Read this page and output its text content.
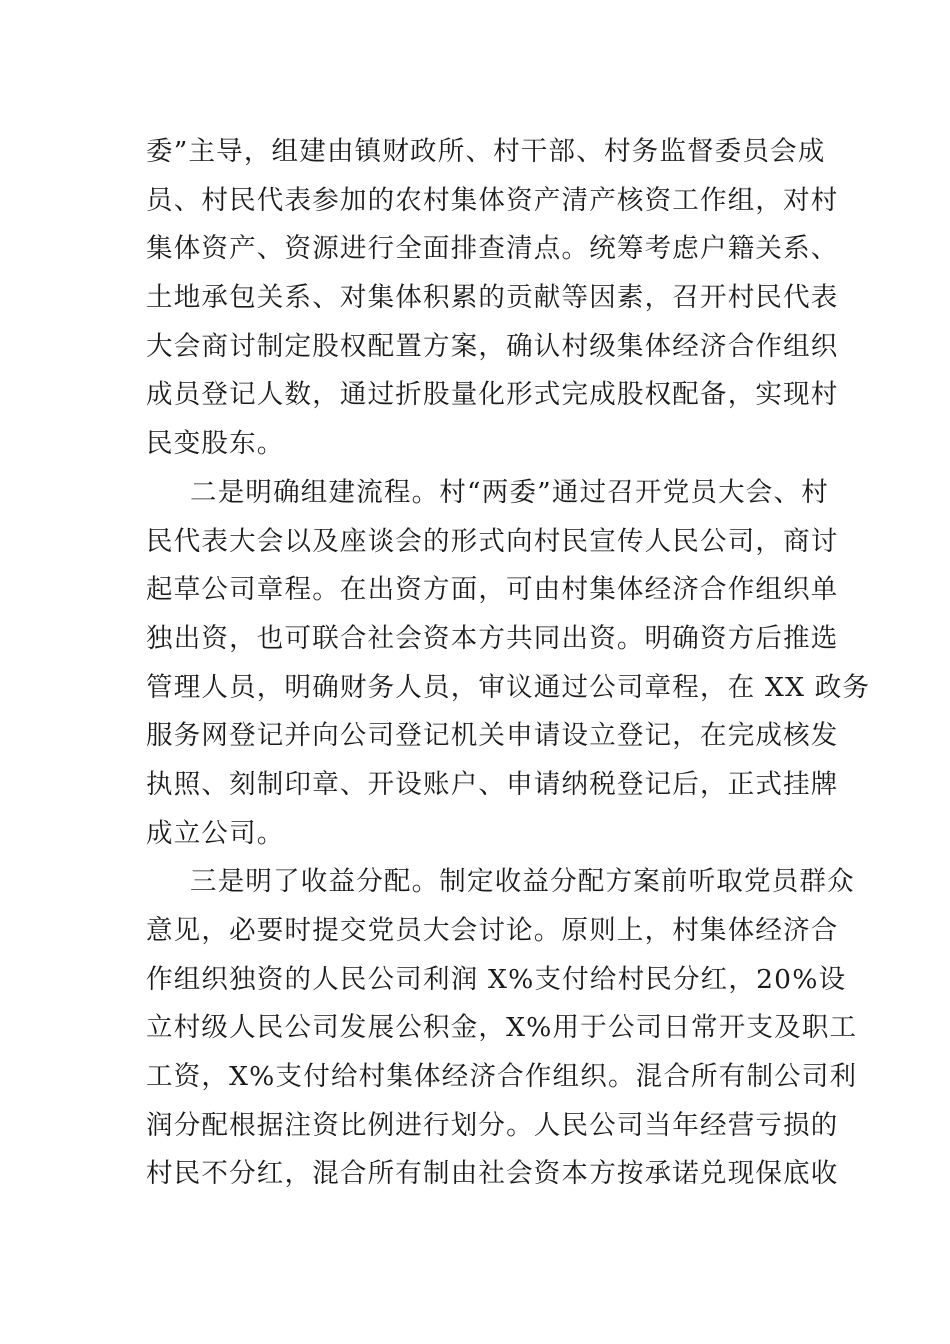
委”主导，组建由镇财政所、村干部、村务监督委员会成
员、村民代表参加的农村集体资产清产核资工作组，对村
集体资产、资源进行全面排查清点。统筹考虑户籍关系、
土地承包关系、对集体积累的贡献等因素，召开村民代表
大会商讨制定股权配置方案，确认村级集体经济合作组织
成员登记人数，通过折股量化形式完成股权配备，实现村
民变股东。
二是明确组建流程。村“两委”通过召开党员大会、村
民代表大会以及座谈会的形式向村民宣传人民公司，商讨
起草公司章程。在出资方面，可由村集体经济合作组织单
独出资，也可联合社会资本方共同出资。明确资方后推选
管理人员，明确财务人员，审议通过公司章程，在 XX 政务
服务网登记并向公司登记机关申请设立登记，在完成核发
执照、刻制印章、开设账户、申请纳税登记后，正式挂牌
成立公司。
三是明了收益分配。制定收益分配方案前听取党员群众
意见，必要时提交党员大会讨论。原则上，村集体经济合
作组织独资的人民公司利润 X%支付给村民分红，20%设
立村级人民公司发展公积金，X%用于公司日常开支及职工
工资，X%支付给村集体经济合作组织。混合所有制公司利
润分配根据注资比例进行划分。人民公司当年经营亏损的
村民不分红，混合所有制由社会资本方按承诺兑现保底收
